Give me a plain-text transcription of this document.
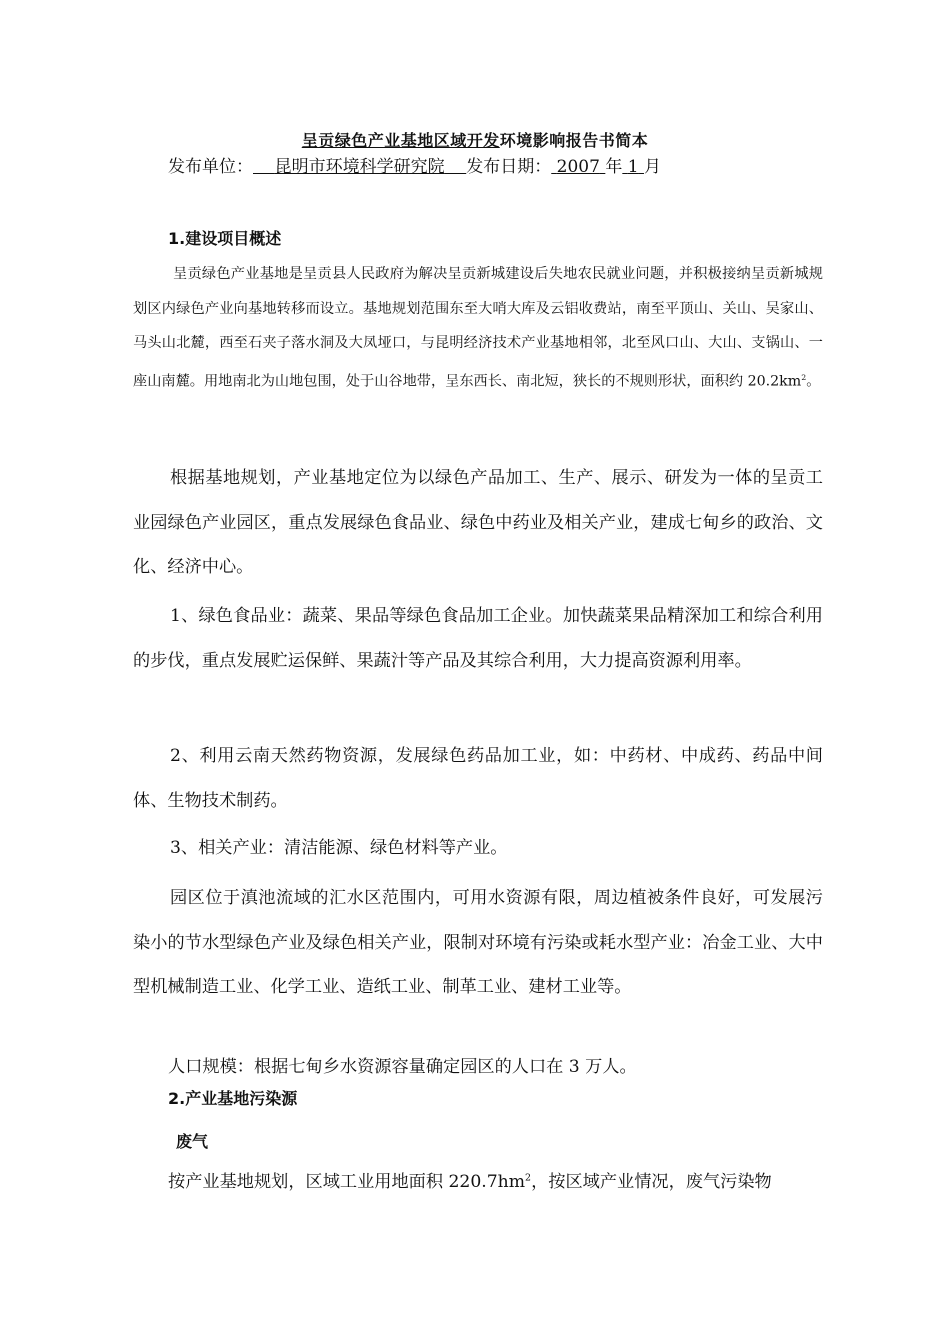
呈贡绿色产业基地区域开发环境影响报告书简本
发布单位： 昆明市环境科学研究院 发布日期： 2007 年 1 月
1.建设项目概述
呈贡绿色产业基地是呈贡县人民政府为解决呈贡新城建设后失地农民就业问题，并积极接纳呈贡新城规划区内绿色产业向基地转移而设立。基地规划范围东至大哨大库及云铝收费站，南至平顶山、关山、吴家山、马头山北麓，西至石夹子落水洞及大凤垭口，与昆明经济技术产业基地相邻，北至风口山、大山、支锅山、一座山南麓。用地南北为山地包围，处于山谷地带，呈东西长、南北短，狭长的不规则形状，面积约 $20.2km^2$。
根据基地规划，产业基地定位为以绿色产品加工、生产、展示、研发为一体的呈贡工业园绿色产业园区，重点发展绿色食品业、绿色中药业及相关产业，建成七甸乡的政治、文化、经济中心。
1、绿色食品业：蔬菜、果品等绿色食品加工企业。加快蔬菜果品精深加工和综合利用的步伐，重点发展贮运保鲜、果蔬汁等产品及其综合利用，大力提高资源利用率。
2、利用云南天然药物资源，发展绿色药品加工业，如：中药材、中成药、药品中间体、生物技术制药。
3、相关产业：清洁能源、绿色材料等产业。
园区位于滇池流域的汇水区范围内，可用水资源有限，周边植被条件良好，可发展污染小的节水型绿色产业及绿色相关产业，限制对环境有污染或耗水型产业：冶金工业、大中型机械制造工业、化学工业、造纸工业、制革工业、建材工业等。
人口规模：根据七甸乡水资源容量确定园区的人口在 3 万人。
2.产业基地污染源
废气
按产业基地规划，区域工业用地面积 $220.7hm^2$，按区域产业情况，废气污染物
